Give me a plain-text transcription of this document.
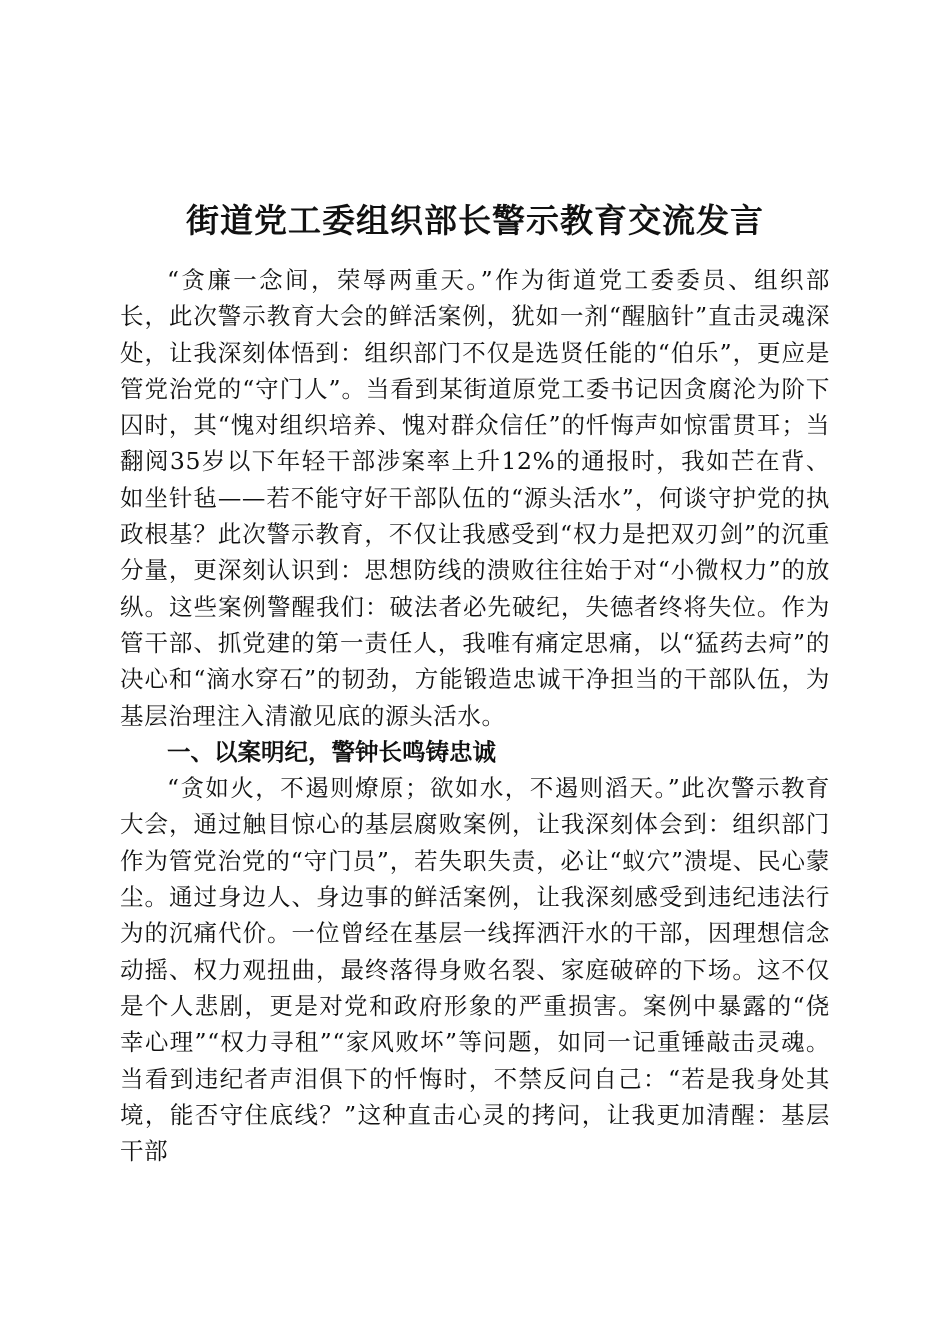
街道党工委组织部长警示教育交流发言

“贪廉一念间，荣辱两重天。”作为街道党工委委员、组织部长，此次警示教育大会的鲜活案例，犹如一剂“醒脑针”直击灵魂深处，让我深刻体悟到：组织部门不仅是选贤任能的“伯乐”，更应是管党治党的“守门人”。当看到某街道原党工委书记因贪腐沦为阶下囚时，其“愧对组织培养、愧对群众信任”的忏悔声如惊雷贯耳；当翻阅35岁以下年轻干部涉案率上升12%的通报时，我如芒在背、如坐针毡——若不能守好干部队伍的“源头活水”，何谈守护党的执政根基？此次警示教育，不仅让我感受到“权力是把双刃剑”的沉重分量，更深刻认识到：思想防线的溃败往往始于对“小微权力”的放纵。这些案例警醒我们：破法者必先破纪，失德者终将失位。作为管干部、抓党建的第一责任人，我唯有痛定思痛，以“猛药去疴”的决心和“滴水穿石”的韧劲，方能锻造忠诚干净担当的干部队伍，为基层治理注入清澈见底的源头活水。

一、以案明纪，警钟长鸣铸忠诚

“贪如火，不遏则燎原；欲如水，不遏则滔天。”此次警示教育大会，通过触目惊心的基层腐败案例，让我深刻体会到：组织部门作为管党治党的“守门员”，若失职失责，必让“蚁穴”溃堤、民心蒙尘。通过身边人、身边事的鲜活案例，让我深刻感受到违纪违法行为的沉痛代价。一位曾经在基层一线挥洒汗水的干部，因理想信念动摇、权力观扭曲，最终落得身败名裂、家庭破碎的下场。这不仅是个人悲剧，更是对党和政府形象的严重损害。案例中暴露的“侥幸心理”“权力寻租”“家风败坏”等问题，如同一记重锤敲击灵魂。当看到违纪者声泪俱下的忏悔时，不禁反问自己：“若是我身处其境，能否守住底线？”这种直击心灵的拷问，让我更加清醒：基层干部
